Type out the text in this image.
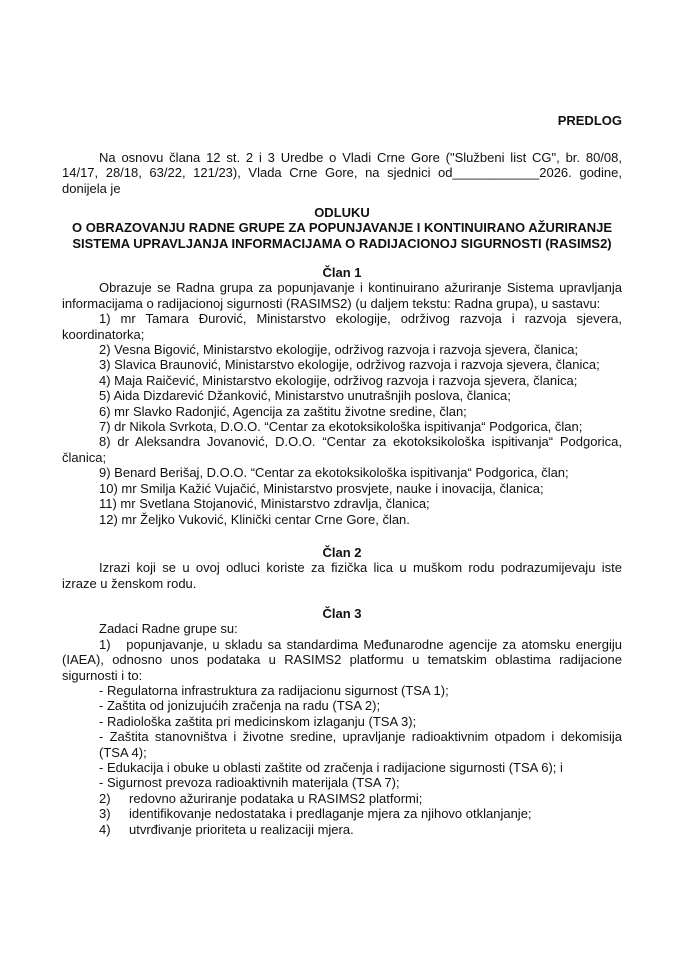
PREDLOG

Na osnovu člana 12 st. 2 i 3 Uredbe o Vladi Crne Gore ("Službeni list CG", br. 80/08, 14/17, 28/18, 63/22, 121/23), Vlada Crne Gore, na sjednici od____________2026. godine, donijela je

ODLUKU

O OBRAZOVANJU RADNE GRUPE ZA POPUNJAVANJE I KONTINUIRANO AŽURIRANJE

SISTEMA UPRAVLJANJA INFORMACIJAMA O RADIJACIONOJ SIGURNOSTI (RASIMS2)

Član 1

Obrazuje se Radna grupa za popunjavanje i kontinuirano ažuriranje Sistema upravljanja informacijama o radijacionoj sigurnosti (RASIMS2) (u daljem tekstu: Radna grupa), u sastavu:

1) mr Tamara Đurović, Ministarstvo ekologije, održivog razvoja i razvoja sjevera, koordinatorka;

2) Vesna Bigović, Ministarstvo ekologije, održivog razvoja i razvoja sjevera, članica;

3) Slavica Braunović, Ministarstvo ekologije, održivog razvoja i razvoja sjevera, članica;

4) Maja Raičević, Ministarstvo ekologije, održivog razvoja i razvoja sjevera, članica;

5) Aida Dizdarević Džanković, Ministarstvo unutrašnjih poslova, članica;

6) mr Slavko Radonjić, Agencija za zaštitu životne sredine, član;

7) dr Nikola Svrkota, D.O.O. “Centar za ekotoksikološka ispitivanja“ Podgorica, član;

8) dr Aleksandra Jovanović, D.O.O. “Centar za ekotoksikološka ispitivanja“ Podgorica, članica;

9) Benard Berišaj, D.O.O. “Centar za ekotoksikološka ispitivanja“ Podgorica, član;

10) mr Smilja Kažić Vujačić, Ministarstvo prosvjete, nauke i inovacija, članica;

11) mr Svetlana Stojanović, Ministarstvo zdravlja, članica;

12) mr Željko Vuković, Klinički centar Crne Gore, član.

Član 2

Izrazi koji se u ovoj odluci koriste za fizička lica u muškom rodu podrazumijevaju iste izraze u ženskom rodu.

Član 3

Zadaci Radne grupe su:

1) popunjavanje, u skladu sa standardima Međunarodne agencije za atomsku energiju (IAEA), odnosno unos podataka u RASIMS2 platformu u tematskim oblastima radijacione sigurnosti i to:

- Regulatorna infrastruktura za radijacionu sigurnost (TSA 1);

- Zaštita od jonizujućih zračenja na radu (TSA 2);

- Radiološka zaštita pri medicinskom izlaganju (TSA 3);

- Zaštita stanovništva i životne sredine, upravljanje radioaktivnim otpadom i dekomisija (TSA 4);

- Edukacija i obuke u oblasti zaštite od zračenja i radijacione sigurnosti (TSA 6); i

- Sigurnost prevoza radioaktivnih materijala (TSA 7);

2) redovno ažuriranje podataka u RASIMS2 platformi;

3) identifikovanje nedostataka i predlaganje mjera za njihovo otklanjanje;

4) utvrđivanje prioriteta u realizaciji mjera.
